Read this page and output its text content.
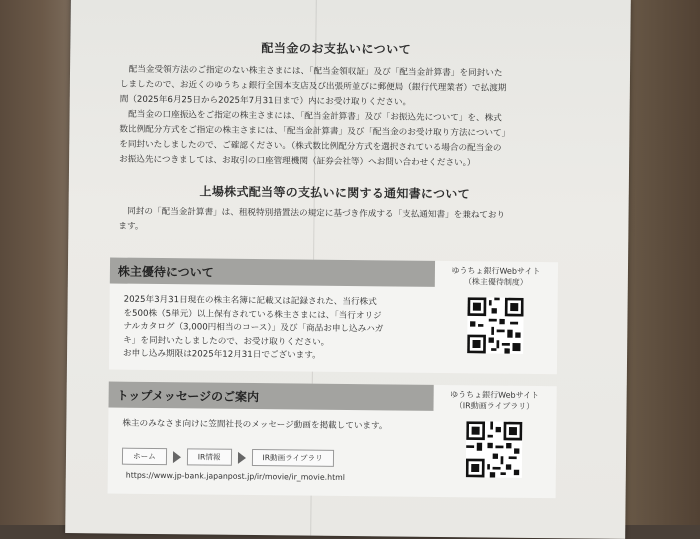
配当金のお支払いについて

　配当金受領方法のご指定のない株主さまには、「配当金領収証」及び「配当金計算書」を同封いた
しましたので、お近くのゆうちょ銀行全国本支店及び出張所並びに郵便局（銀行代理業者）で払渡期
間（2025年6月25日から2025年7月31日まで）内にお受け取りください。

　配当金の口座振込をご指定の株主さまには、「配当金計算書」及び「お振込先について」を、株式
数比例配分方式をご指定の株主さまには、「配当金計算書」及び「配当金のお受け取り方法について」
を同封いたしましたので、ご確認ください。（株式数比例配分方式を選択されている場合の配当金の
お振込先につきましては、お取引の口座管理機関（証券会社等）へお問い合わせください。）

上場株式配当等の支払いに関する通知書について

　同封の「配当金計算書」は、租税特別措置法の規定に基づき作成する「支払通知書」を兼ねており
ます。

株主優待について	ゆうちょ銀行Webサイト
（株主優待制度）
2025年3月31日現在の株主名簿に記載又は記録された、当行株式
を500株（5単元）以上保有されている株主さまには、「当行オリジ
ナルカタログ（3,000円相当のコース）」及び「商品お申し込みハガ
キ」を同封いたしましたので、お受け取りください。
お申し込み期限は2025年12月31日でございます。
トップメッセージのご案内	ゆうちょ銀行Webサイト
（IR動画ライブラリ）
株主のみなさま向けに笠間社長のメッセージ動画を掲載しています。
ホーム	IR情報	IR動画ライブラリ
https://www.jp-bank.japanpost.jp/ir/movie/ir_movie.html
